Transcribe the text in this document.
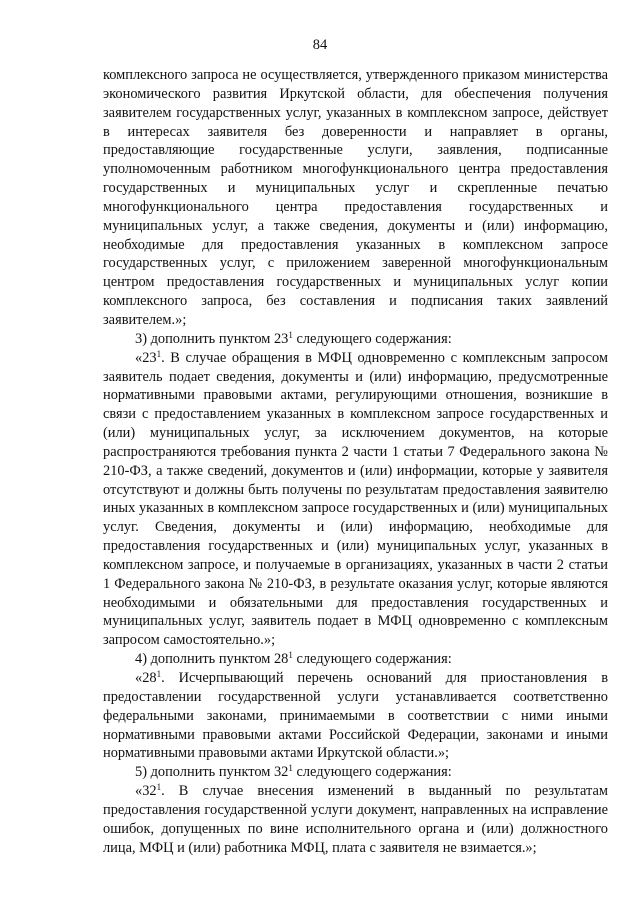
84

комплексного запроса не осуществляется, утвержденного приказом министерства экономического развития Иркутской области, для обеспечения получения заявителем государственных услуг, указанных в комплексном запросе, действует в интересах заявителя без доверенности и направляет в органы, предоставляющие государственные услуги, заявления, подписанные уполномоченным работником многофункционального центра предоставления государственных и муниципальных услуг и скрепленные печатью многофункционального центра предоставления государственных и муниципальных услуг, а также сведения, документы и (или) информацию, необходимые для предоставления указанных в комплексном запросе государственных услуг, с приложением заверенной многофункциональным центром предоставления государственных и муниципальных услуг копии комплексного запроса, без составления и подписания таких заявлений заявителем.»;

3) дополнить пунктом $23^1$ следующего содержания:

«$23^1$. В случае обращения в МФЦ одновременно с комплексным запросом заявитель подает сведения, документы и (или) информацию, предусмотренные нормативными правовыми актами, регулирующими отношения, возникшие в связи с предоставлением указанных в комплексном запросе государственных и (или) муниципальных услуг, за исключением документов, на которые распространяются требования пункта 2 части 1 статьи 7 Федерального закона № 210-ФЗ, а также сведений, документов и (или) информации, которые у заявителя отсутствуют и должны быть получены по результатам предоставления заявителю иных указанных в комплексном запросе государственных и (или) муниципальных услуг. Сведения, документы и (или) информацию, необходимые для предоставления государственных и (или) муниципальных услуг, указанных в комплексном запросе, и получаемые в организациях, указанных в части 2 статьи 1 Федерального закона № 210-ФЗ, в результате оказания услуг, которые являются необходимыми и обязательными для предоставления государственных и муниципальных услуг, заявитель подает в МФЦ одновременно с комплексным запросом самостоятельно.»;

4) дополнить пунктом $28^1$ следующего содержания:

«$28^1$. Исчерпывающий перечень оснований для приостановления в предоставлении государственной услуги устанавливается соответственно федеральными законами, принимаемыми в соответствии с ними иными нормативными правовыми актами Российской Федерации, законами и иными нормативными правовыми актами Иркутской области.»;

5) дополнить пунктом $32^1$ следующего содержания:

«$32^1$. В случае внесения изменений в выданный по результатам предоставления государственной услуги документ, направленных на исправление ошибок, допущенных по вине исполнительного органа и (или) должностного лица, МФЦ и (или) работника МФЦ, плата с заявителя не взимается.»;
